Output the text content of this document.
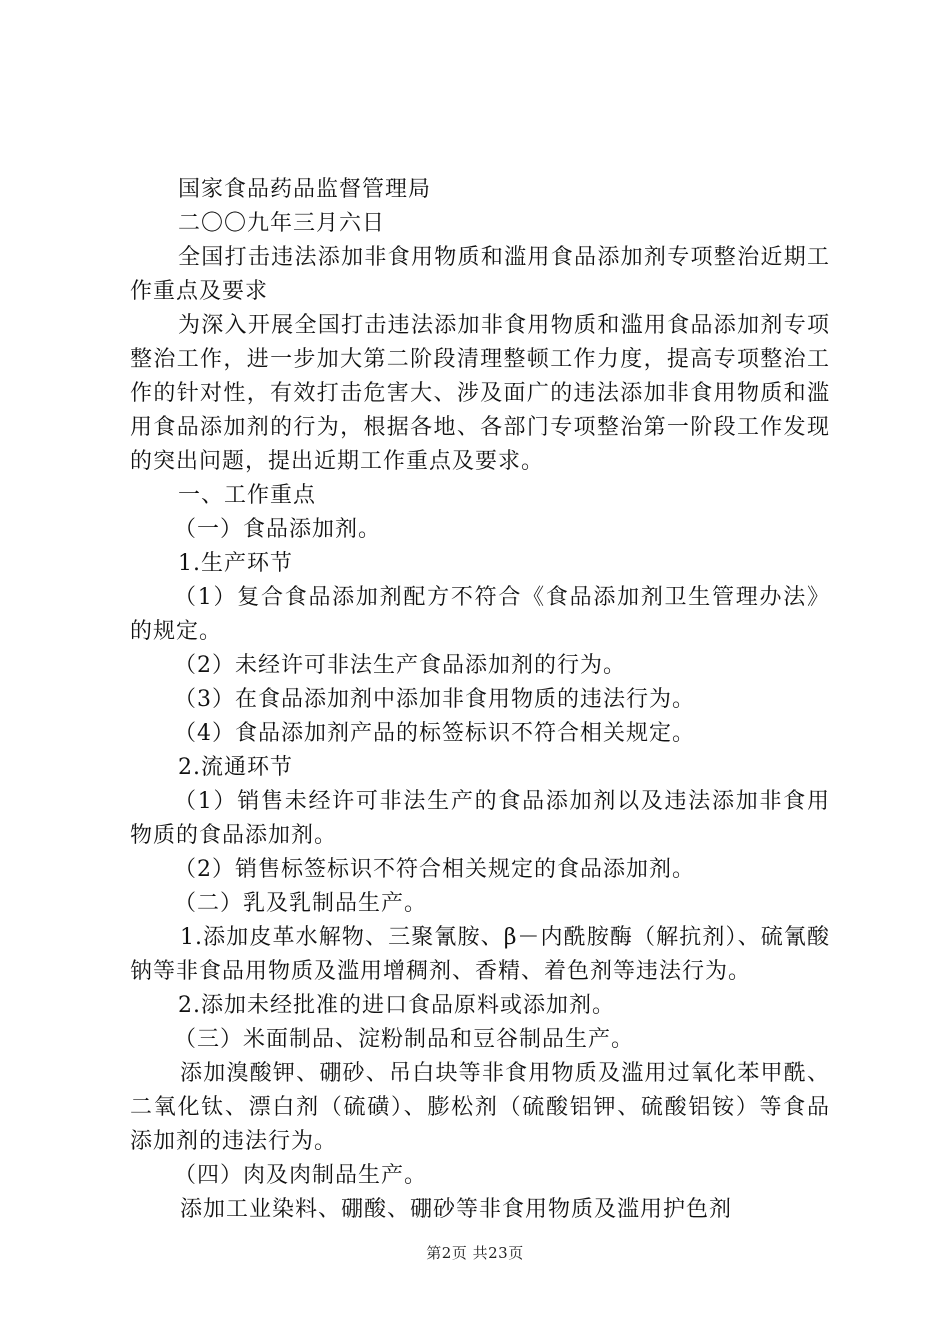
国家食品药品监督管理局

二〇〇九年三月六日

全国打击违法添加非食用物质和滥用食品添加剂专项整治近期工作重点及要求

为深入开展全国打击违法添加非食用物质和滥用食品添加剂专项整治工作，进一步加大第二阶段清理整顿工作力度，提高专项整治工作的针对性，有效打击危害大、涉及面广的违法添加非食用物质和滥用食品添加剂的行为，根据各地、各部门专项整治第一阶段工作发现的突出问题，提出近期工作重点及要求。

一、工作重点

（一）食品添加剂。

1.生产环节

（1）复合食品添加剂配方不符合《食品添加剂卫生管理办法》的规定。

（2）未经许可非法生产食品添加剂的行为。

（3）在食品添加剂中添加非食用物质的违法行为。

（4）食品添加剂产品的标签标识不符合相关规定。

2.流通环节

（1）销售未经许可非法生产的食品添加剂以及违法添加非食用物质的食品添加剂。

（2）销售标签标识不符合相关规定的食品添加剂。

（二）乳及乳制品生产。

1.添加皮革水解物、三聚氰胺、β－内酰胺酶（解抗剂）、硫氰酸钠等非食品用物质及滥用增稠剂、香精、着色剂等违法行为。

2.添加未经批准的进口食品原料或添加剂。

（三）米面制品、淀粉制品和豆谷制品生产。

添加溴酸钾、硼砂、吊白块等非食用物质及滥用过氧化苯甲酰、二氧化钛、漂白剂（硫磺）、膨松剂（硫酸铝钾、硫酸铝铵）等食品添加剂的违法行为。

（四）肉及肉制品生产。

添加工业染料、硼酸、硼砂等非食用物质及滥用护色剂

第2页 共23页
